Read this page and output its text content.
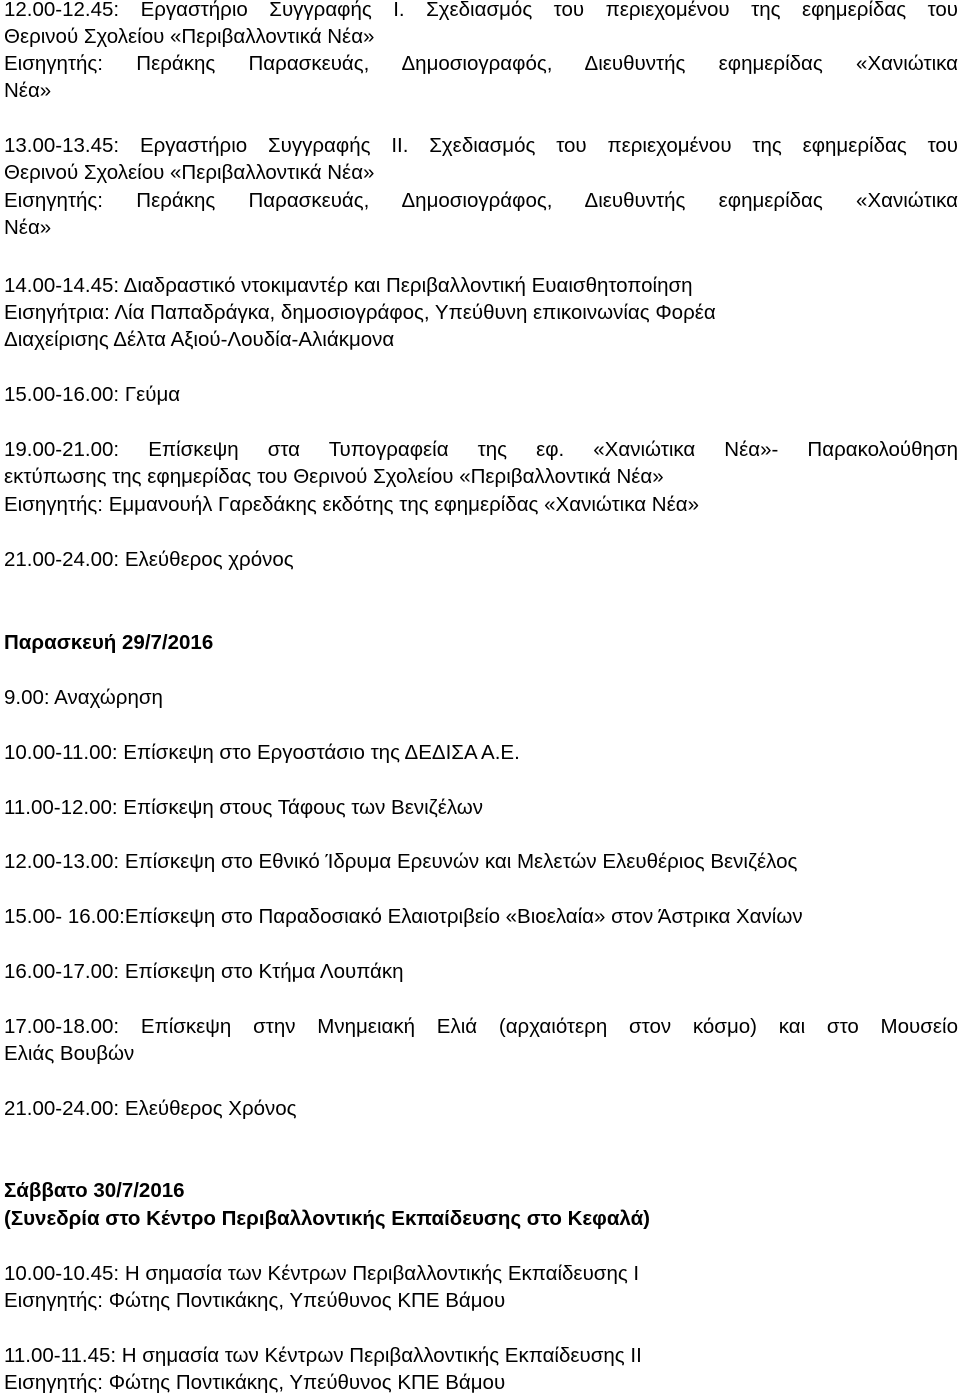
12.00-12.45: Εργαστήριο Συγγραφής Ι. Σχεδιασμός του περιεχομένου της εφημερίδας του
Θερινού Σχολείου «Περιβαλλοντικά Νέα»
Εισηγητής: Περάκης Παρασκευάς, Δημοσιογραφός, Διευθυντής εφημερίδας «Χανιώτικα
Νέα»
13.00-13.45: Εργαστήριο Συγγραφής ΙΙ. Σχεδιασμός του περιεχομένου της εφημερίδας του
Θερινού Σχολείου «Περιβαλλοντικά Νέα»
Εισηγητής: Περάκης Παρασκευάς, Δημοσιογράφος, Διευθυντής εφημερίδας «Χανιώτικα
Νέα»
14.00-14.45: Διαδραστικό ντοκιμαντέρ και Περιβαλλοντική Ευαισθητοποίηση
Εισηγήτρια: Λία Παπαδράγκα, δημοσιογράφος, Υπεύθυνη επικοινωνίας Φορέα
Διαχείρισης Δέλτα Αξιού-Λουδία-Αλιάκμονα
15.00-16.00: Γεύμα
19.00-21.00: Επίσκεψη στα Τυπογραφεία της εφ. «Χανιώτικα Νέα»- Παρακολούθηση
εκτύπωσης της εφημερίδας του Θερινού Σχολείου «Περιβαλλοντικά Νέα»
Εισηγητής: Εμμανουήλ Γαρεδάκης εκδότης της εφημερίδας «Χανιώτικα Νέα»
21.00-24.00: Ελεύθερος χρόνος
Παρασκευή 29/7/2016
9.00: Αναχώρηση
10.00-11.00: Επίσκεψη στο Εργοστάσιο της ΔΕΔΙΣΑ Α.Ε.
11.00-12.00: Επίσκεψη στους Τάφους των Βενιζέλων
12.00-13.00: Επίσκεψη στο Εθνικό Ίδρυμα Ερευνών και Μελετών Ελευθέριος Βενιζέλος
15.00- 16.00:Επίσκεψη στο Παραδοσιακό Ελαιοτριβείο «Βιοελαία» στον Άστρικα Χανίων
16.00-17.00: Επίσκεψη στο Κτήμα Λουπάκη
17.00-18.00: Επίσκεψη στην Μνημειακή Ελιά (αρχαιότερη στον κόσμο) και στο Μουσείο
Ελιάς Βουβών
21.00-24.00: Ελεύθερος Χρόνος
Σάββατο 30/7/2016
(Συνεδρία στο Κέντρο Περιβαλλοντικής Εκπαίδευσης στο Κεφαλά)
10.00-10.45: Η σημασία των Κέντρων Περιβαλλοντικής Εκπαίδευσης Ι
Εισηγητής: Φώτης Ποντικάκης, Υπεύθυνος ΚΠΕ Βάμου
11.00-11.45: Η σημασία των Κέντρων Περιβαλλοντικής Εκπαίδευσης ΙΙ
Εισηγητής: Φώτης Ποντικάκης, Υπεύθυνος ΚΠΕ Βάμου
